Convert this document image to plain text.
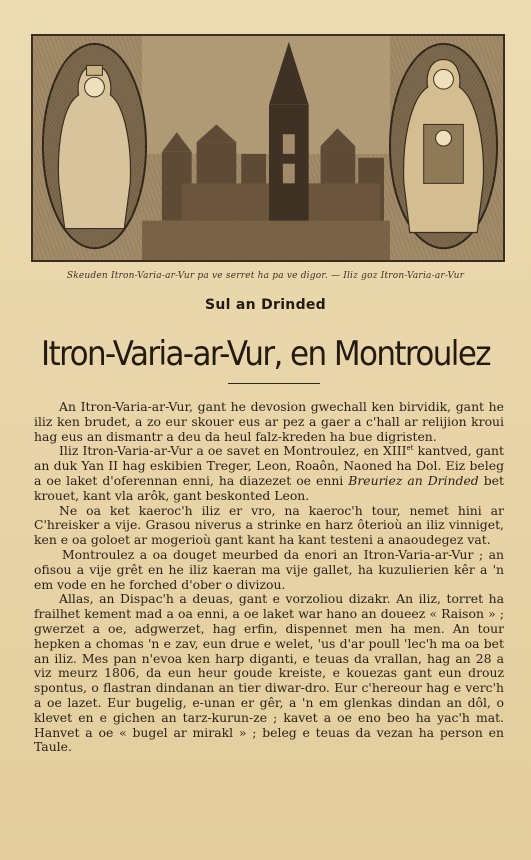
Skeuden Itron-Varia-ar-Vur pa ve serret ha pa ve digor. — Iliz goz Itron-Varia-ar-Vur
Sul an Drinded
Itron-Varia-ar-Vur, en Montroulez

An Itron-Varia-ar-Vur, gant he devosion gwechall ken birvidik, gant he iliz ken brudet, a zo eur skouer eus ar pez a gaer a c'hall ar relijion kroui hag eus an dismantr a deu da heul falz-kreden ha bue digristen.

Iliz Itron-Varia-ar-Vur a oe savet en Montroulez, en $XIII^{et}$ kantved, gant an duk Yan II hag eskibien Treger, Leon, Roaôn, Naoned ha Dol. Eiz beleg a oe laket d'oferennan enni, ha diazezet oe enni Breuriez an Drinded bet krouet, kant vla arôk, gant beskonted Leon.

Ne oa ket kaeroc'h iliz er vro, na kaeroc'h tour, nemet hini ar C'hreisker a vije. Grasou niverus a strinke en harz ôterioù an iliz vinniget, ken e oa goloet ar mogerioù gant kant ha kant testeni a anaoudegez vat.

Montroulez a oa douget meurbed da enori an Itron-Varia-ar-Vur ; an ofisou a vije grêt en he iliz kaeran ma vije gallet, ha kuzulierien kêr a 'n em vode en he forched d'ober o divizou.

Allas, an Dispac'h a deuas, gant e vorzoliou dizakr. An iliz, torret ha frailhet kement mad a oa enni, a oe laket war hano an doueez « Raison » ; gwerzet a oe, adgwerzet, hag erfin, dispennet men ha men. An tour hepken a chomas 'n e zav, eun drue e welet, 'us d'ar poull 'lec'h ma oa bet an iliz. Mes pan n'evoa ken harp diganti, e teuas da vrallan, hag an 28 a viz meurz 1806, da eun heur goude kreiste, e kouezas gant eun drouz spontus, o flastran dindanan an tier diwar-dro. Eur c'hereour hag e verc'h a oe lazet. Eur bugelig, e-unan er gêr, a 'n em glenkas dindan an dôl, o klevet en e gichen an tarz-kurun-ze ; kavet a oe eno beo ha yac'h mat. Hanvet a oe « bugel ar mirakl » ; beleg e teuas da vezan ha person en Taule.
